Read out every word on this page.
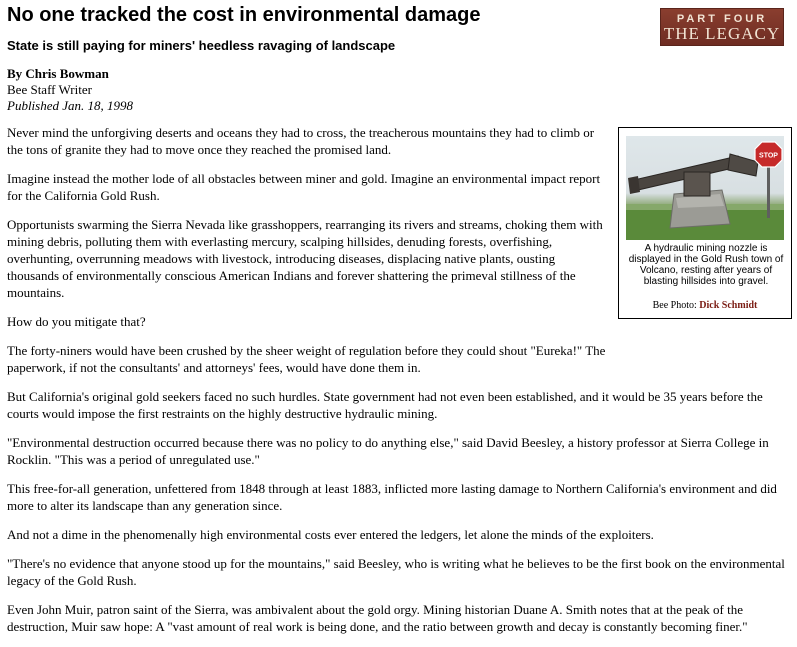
No one tracked the cost in environmental damage
State is still paying for miners' heedless ravaging of landscape
PART FOUR
THE LEGACY
By Chris Bowman
Bee Staff Writer
Published Jan. 18, 1998

Never mind the unforgiving deserts and oceans they had to cross, the treacherous mountains they had to climb or the tons of granite they had to move once they reached the promised land.

Imagine instead the mother lode of all obstacles between miner and gold. Imagine an environmental impact report for the California Gold Rush.

Opportunists swarming the Sierra Nevada like grasshoppers, rearranging its rivers and streams, choking them with mining debris, polluting them with everlasting mercury, scalping hillsides, denuding forests, overfishing, overhunting, overrunning meadows with livestock, introducing diseases, displacing native plants, ousting thousands of environmentally conscious American Indians and forever shattering the primeval stillness of the mountains.

How do you mitigate that?

The forty-niners would have been crushed by the sheer weight of regulation before they could shout "Eureka!" The paperwork, if not the consultants' and attorneys' fees, would have done them in.

But California's original gold seekers faced no such hurdles. State government had not even been established, and it would be 35 years before the courts would impose the first restraints on the highly destructive hydraulic mining.

"Environmental destruction occurred because there was no policy to do anything else," said David Beesley, a history professor at Sierra College in Rocklin. "This was a period of unregulated use."

This free-for-all generation, unfettered from 1848 through at least 1883, inflicted more lasting damage to Northern California's environment and did more to alter its landscape than any generation since.

And not a dime in the phenomenally high environmental costs ever entered the ledgers, let alone the minds of the exploiters.

"There's no evidence that anyone stood up for the mountains," said Beesley, who is writing what he believes to be the first book on the environmental legacy of the Gold Rush.

Even John Muir, patron saint of the Sierra, was ambivalent about the gold orgy. Mining historian Duane A. Smith notes that at the peak of the destruction, Muir saw hope: A "vast amount of real work is being done, and the ratio between growth and decay is constantly becoming finer."

STOP
A hydraulic mining nozzle is displayed in the Gold Rush town of Volcano, resting after years of blasting hillsides into gravel.
Bee Photo: Dick Schmidt
